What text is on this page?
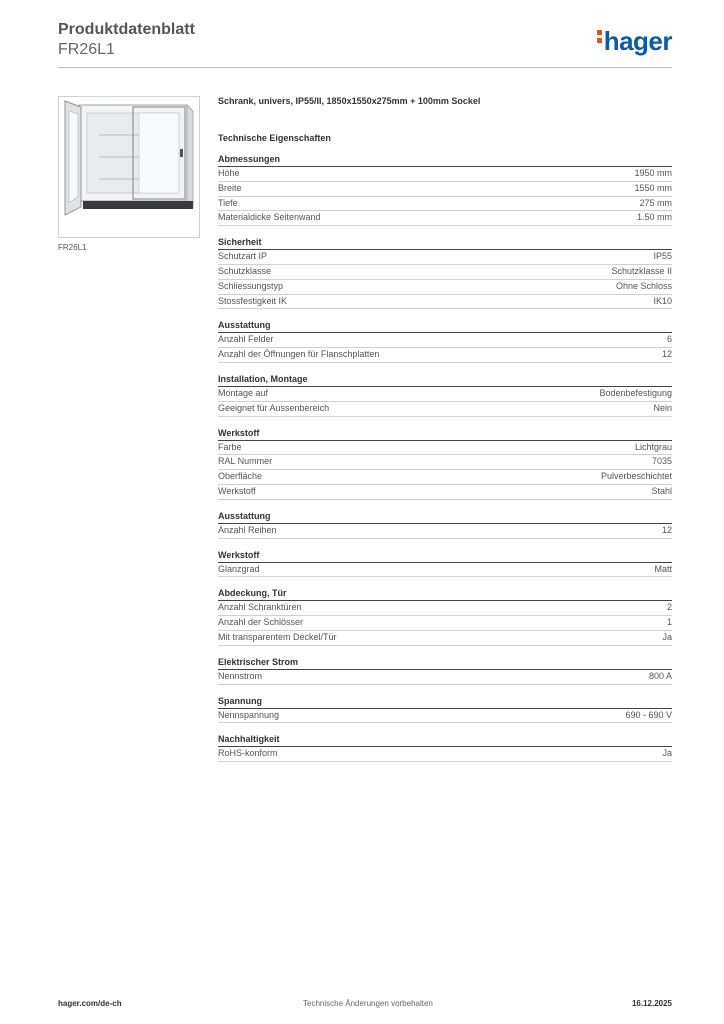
Produktdatenblatt
FR26L1	hager
FR26L1
Schrank, univers, IP55/II, 1850x1550x275mm + 100mm Sockel
Technische Eigenschaften
Abmessungen
Höhe	1950 mm
Breite	1550 mm
Tiefe	275 mm
Materialdicke Seitenwand	1.50 mm
Sicherheit
Schutzart IP	IP55
Schutzklasse	Schutzklasse II
Schliessungstyp	Ohne Schloss
Stossfestigkeit IK	IK10
Ausstattung
Anzahl Felder	6
Anzahl der Öffnungen für Flanschplatten	12
Installation, Montage
Montage auf	Bodenbefestigung
Geeignet für Aussenbereich	Nein
Werkstoff
Farbe	Lichtgrau
RAL Nummer	7035
Oberfläche	Pulverbeschichtet
Werkstoff	Stahl
Ausstattung
Anzahl Reihen	12
Werkstoff
Glanzgrad	Matt
Abdeckung, Tür
Anzahl Schranktüren	2
Anzahl der Schlösser	1
Mit transparentem Deckel/Tür	Ja
Elektrischer Strom
Nennstrom	800 A
Spannung
Nennspannung	690 - 690 V
Nachhaltigkeit
RoHS-konform	Ja
hager.com/de-ch	Technische Änderungen vorbehalten	16.12.2025
